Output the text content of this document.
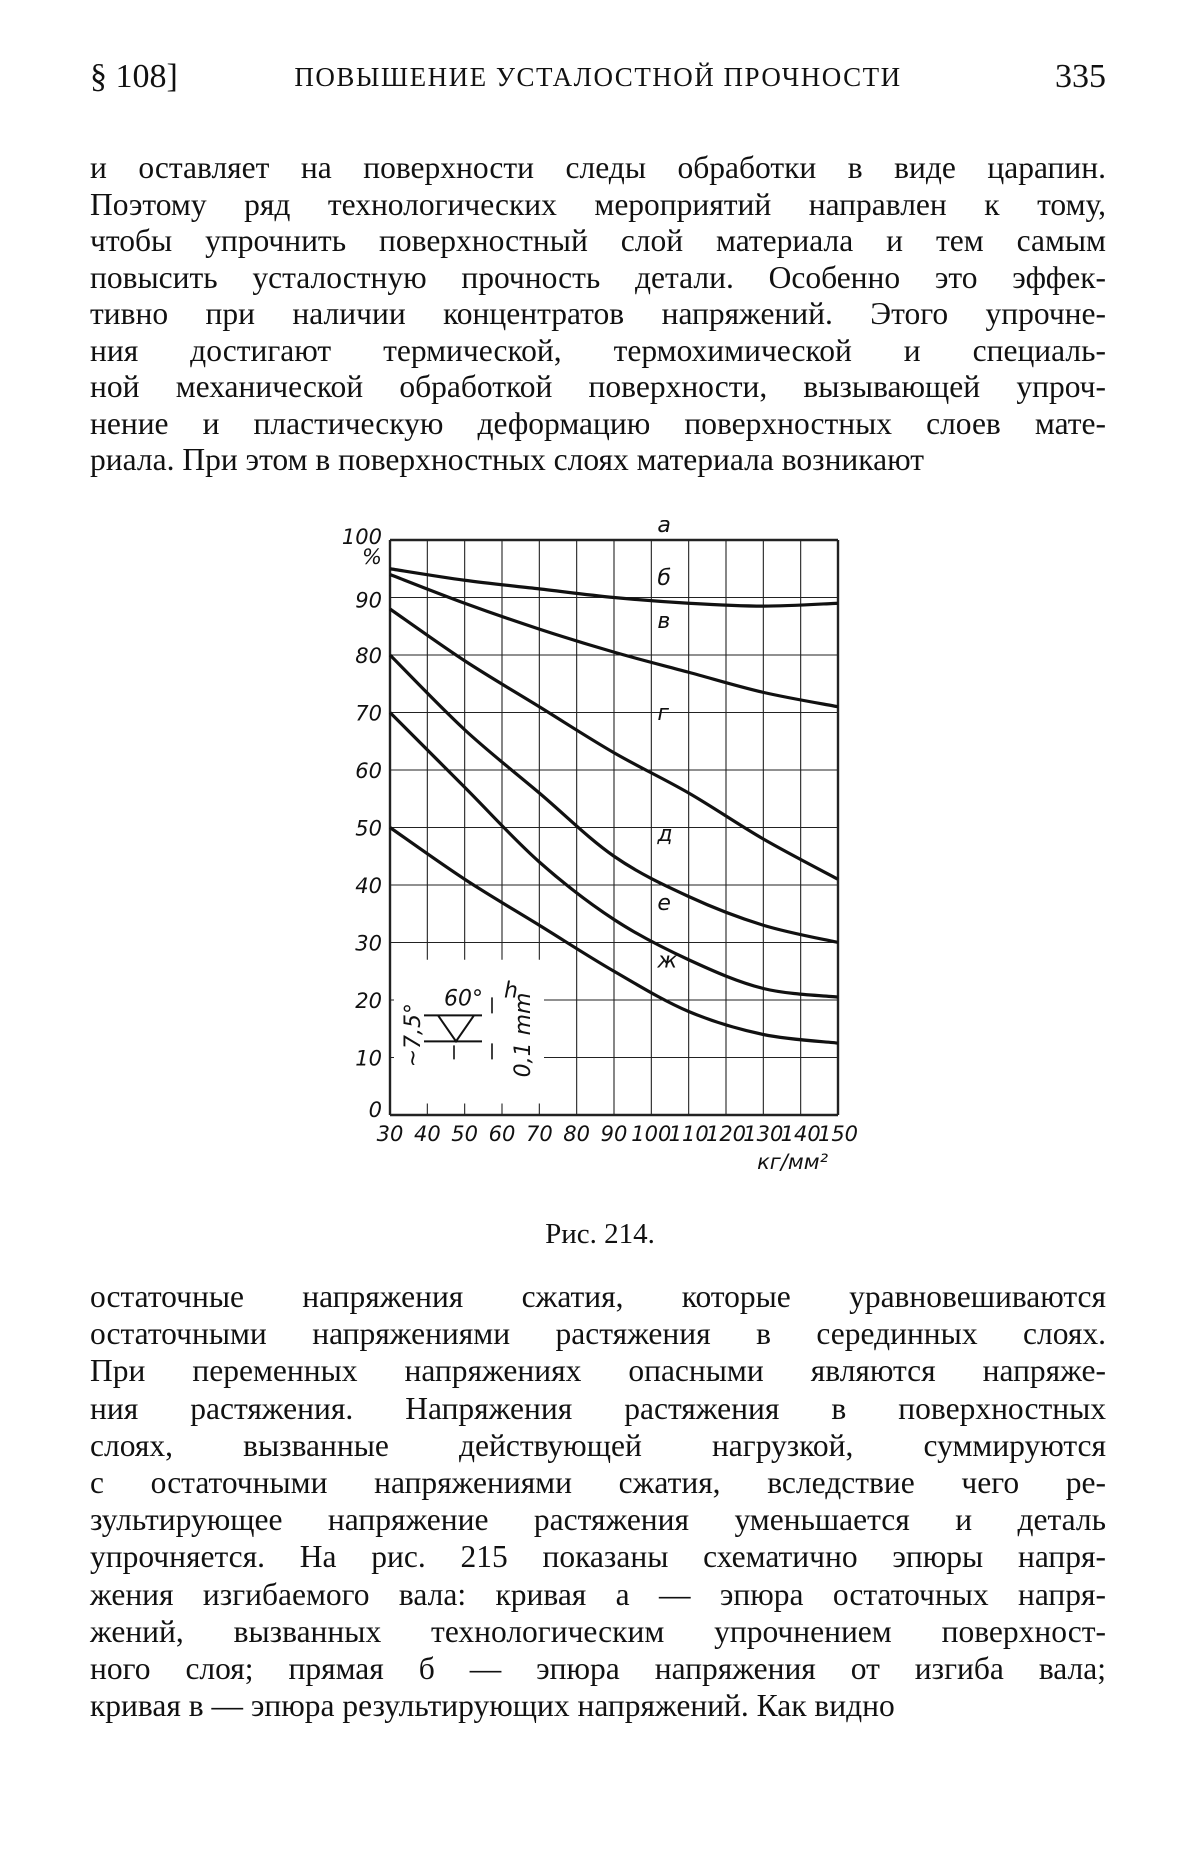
§ 108]	ПОВЫШЕНИЕ УСТАЛОСТНОЙ ПРОЧНОСТИ	335
и оставляет на поверхности следы обработки в виде царапин.
Поэтому ряд технологических мероприятий направлен к тому,
чтобы упрочнить поверхностный слой материала и тем самым
повысить усталостную прочность детали. Особенно это эффек-
тивно при наличии концентратов напряжений. Этого упрочне-
ния достигают термической, термохимической и специаль-
ной механической обработкой поверхности, вызывающей упроч-
нение и пластическую деформацию поверхностных слоев мате-
риала. При этом в поверхностных слоях материала возникают
0
10
20
30
40
50
60
70
80
90
100
%
30 40 50 60 70 80 90 100
110
120
130
140
150
кг/мм²
а
б
в
г
д
е
ж
60° h
~7,5°	0,1 mm
Рис. 214.
остаточные напряжения сжатия, которые уравновешиваются
остаточными напряжениями растяжения в серединных слоях.
При переменных напряжениях опасными являются напряже-
ния растяжения. Напряжения растяжения в поверхностных
слоях, вызванные действующей нагрузкой, суммируются
с остаточными напряжениями сжатия, вследствие чего ре-
зультирующее напряжение растяжения уменьшается и деталь
упрочняется. На рис. 215 показаны схематично эпюры напря-
жения изгибаемого вала: кривая а — эпюра остаточных напря-
жений, вызванных технологическим упрочнением поверхност-
ного слоя; прямая б — эпюра напряжения от изгиба вала;
кривая в — эпюра результирующих напряжений. Как видно
